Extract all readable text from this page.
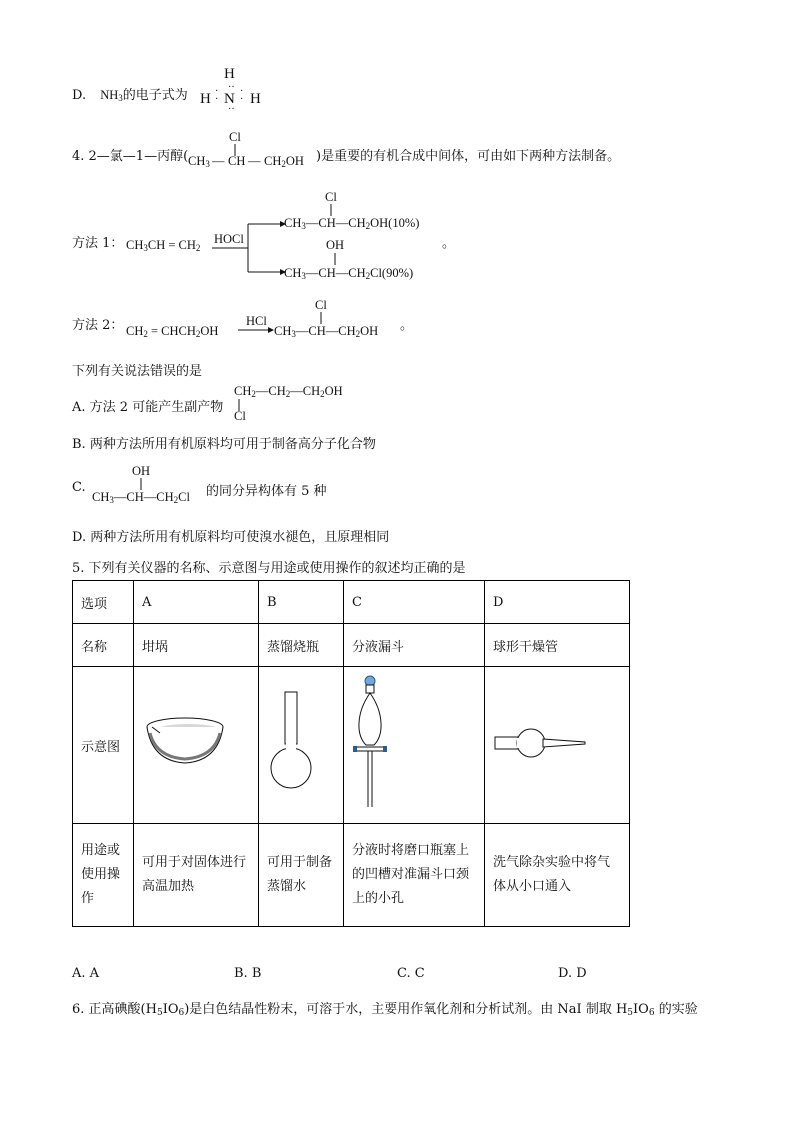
D. $NH_3$的电子式为
H
··
H ·
· N ·
· H
··
4. 2—氯—1—丙醇(
Cl
$CH_3$ — CH — $CH_2OH$ )是重要的有机合成中间体，可由如下两种方法制备。
方法 1： $CH_3CH = CH_2$
HOCl
Cl
$CH_3—CH—CH_2OH(10\%)$
OH
$CH_3—CH—CH_2Cl(90\%)$
。
方法 2： $CH_2$ = $CHCH_2OH$
HCl
Cl
$CH_3—CH—CH_2OH$ 。
下列有关说法错误的是
A. 方法 2 可能产生副产物
$CH_2—CH_2—CH_2OH$
Cl
B. 两种方法所用有机原料均可用于制备高分子化合物
C.
OH
$CH_3—CH—CH_2Cl$ 的同分异构体有 5 种
D. 两种方法所用有机原料均可使溴水褪色，且原理相同
5. 下列有关仪器的名称、示意图与用途或使用操作的叙述均正确的是
选项	A	B	C	D
名称	坩埚	蒸馏烧瓶	分液漏斗	球形干燥管
示意图				
用途或使用操作	可用于对固体进行高温加热	可用于制备蒸馏水	分液时将磨口瓶塞上的凹槽对准漏斗口颈上的小孔	洗气除杂实验中将气体从小口通入
A. A	B. B	C. C	D. D
6. 正高碘酸$(H_5IO_6)$是白色结晶性粉末，可溶于水，主要用作氧化剂和分析试剂。由 NaI 制取 $H_5IO_6$ 的实验
